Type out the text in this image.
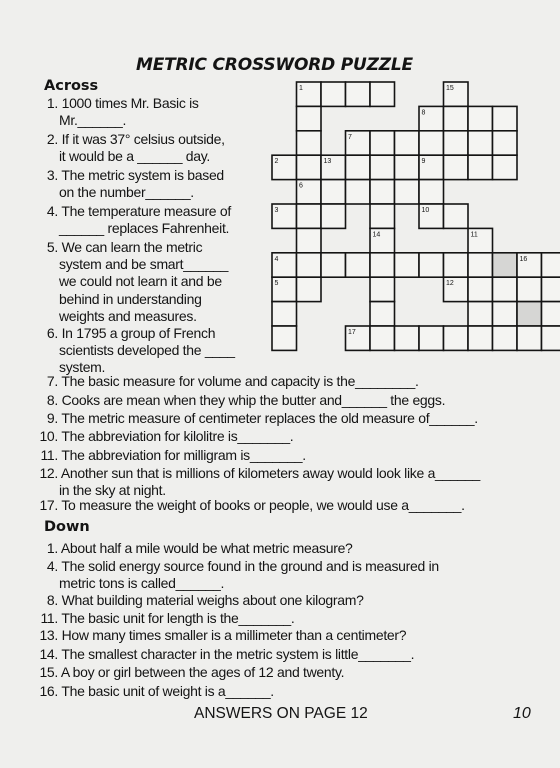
METRIC CROSSWORD PUZZLE
Across
Down
1. 1000 times Mr. Basic is
Mr.______.
2. If it was 37° celsius outside,
it would be a ______ day.
3. The metric system is based
on the number______.
4. The temperature measure of
______ replaces Fahrenheit.
5. We can learn the metric
system and be smart______
we could not learn it and be
behind in understanding
weights and measures.
6. In 1795 a group of French
scientists developed the ____
system.
7. The basic measure for volume and capacity is the________.
8. Cooks are mean when they whip the butter and______ the eggs.
9. The metric measure of centimeter replaces the old measure of______.
10. The abbreviation for kilolitre is_______.
11. The abbreviation for milligram is_______.
12. Another sun that is millions of kilometers away would look like a______
in the sky at night.
17. To measure the weight of books or people, we would use a_______.
1. About half a mile would be what metric measure?
4. The solid energy source found in the ground and is measured in
metric tons is called______.
8. What building material weighs about one kilogram?
11. The basic unit for length is the_______.
13. How many times smaller is a millimeter than a centimeter?
14. The smallest character in the metric system is little_______.
15. A boy or girl between the ages of 12 and twenty.
16. The basic unit of weight is a______.
1	15
8
7
2	13	9
6
3	10
14	11
4	16
5	12
17
ANSWERS ON PAGE 12	10
